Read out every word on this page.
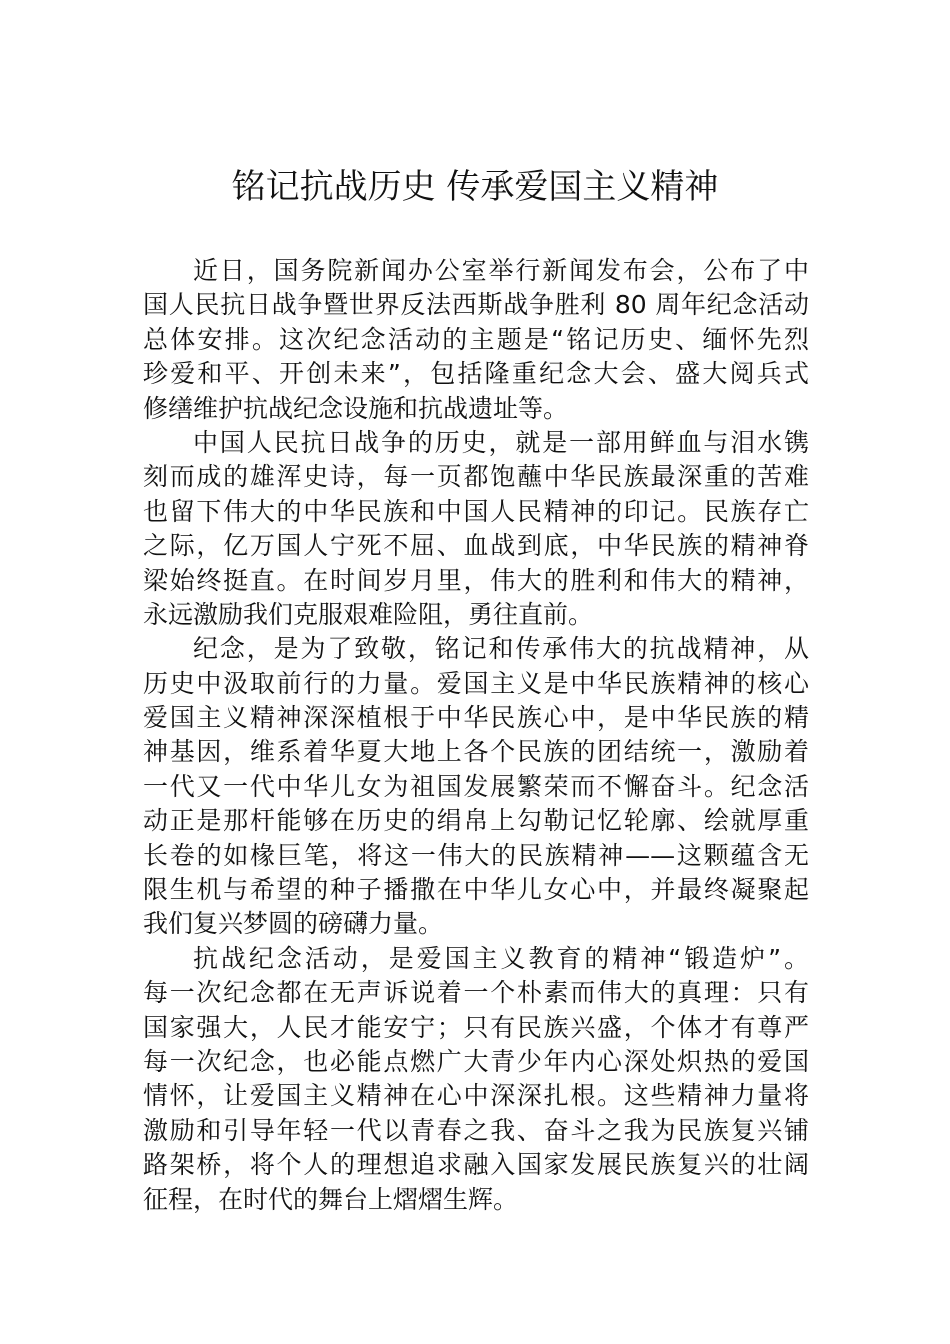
铭记抗战历史 传承爱国主义精神
近日，国务院新闻办公室举行新闻发布会，公布了中
国人民抗日战争暨世界反法西斯战争胜利 80 周年纪念活动
总体安排。这次纪念活动的主题是“铭记历史、缅怀先烈
珍爱和平、开创未来”，包括隆重纪念大会、盛大阅兵式
修缮维护抗战纪念设施和抗战遗址等。
中国人民抗日战争的历史，就是一部用鲜血与泪水镌
刻而成的雄浑史诗，每一页都饱蘸中华民族最深重的苦难
也留下伟大的中华民族和中国人民精神的印记。民族存亡
之际，亿万国人宁死不屈、血战到底，中华民族的精神脊
梁始终挺直。在时间岁月里，伟大的胜利和伟大的精神，
永远激励我们克服艰难险阻，勇往直前。
纪念，是为了致敬，铭记和传承伟大的抗战精神，从
历史中汲取前行的力量。爱国主义是中华民族精神的核心
爱国主义精神深深植根于中华民族心中，是中华民族的精
神基因，维系着华夏大地上各个民族的团结统一，激励着
一代又一代中华儿女为祖国发展繁荣而不懈奋斗。纪念活
动正是那杆能够在历史的绢帛上勾勒记忆轮廓、绘就厚重
长卷的如椽巨笔，将这一伟大的民族精神——这颗蕴含无
限生机与希望的种子播撒在中华儿女心中，并最终凝聚起
我们复兴梦圆的磅礴力量。
抗战纪念活动，是爱国主义教育的精神“锻造炉”。
每一次纪念都在无声诉说着一个朴素而伟大的真理：只有
国家强大，人民才能安宁；只有民族兴盛，个体才有尊严
每一次纪念，也必能点燃广大青少年内心深处炽热的爱国
情怀，让爱国主义精神在心中深深扎根。这些精神力量将
激励和引导年轻一代以青春之我、奋斗之我为民族复兴铺
路架桥，将个人的理想追求融入国家发展民族复兴的壮阔
征程，在时代的舞台上熠熠生辉。
